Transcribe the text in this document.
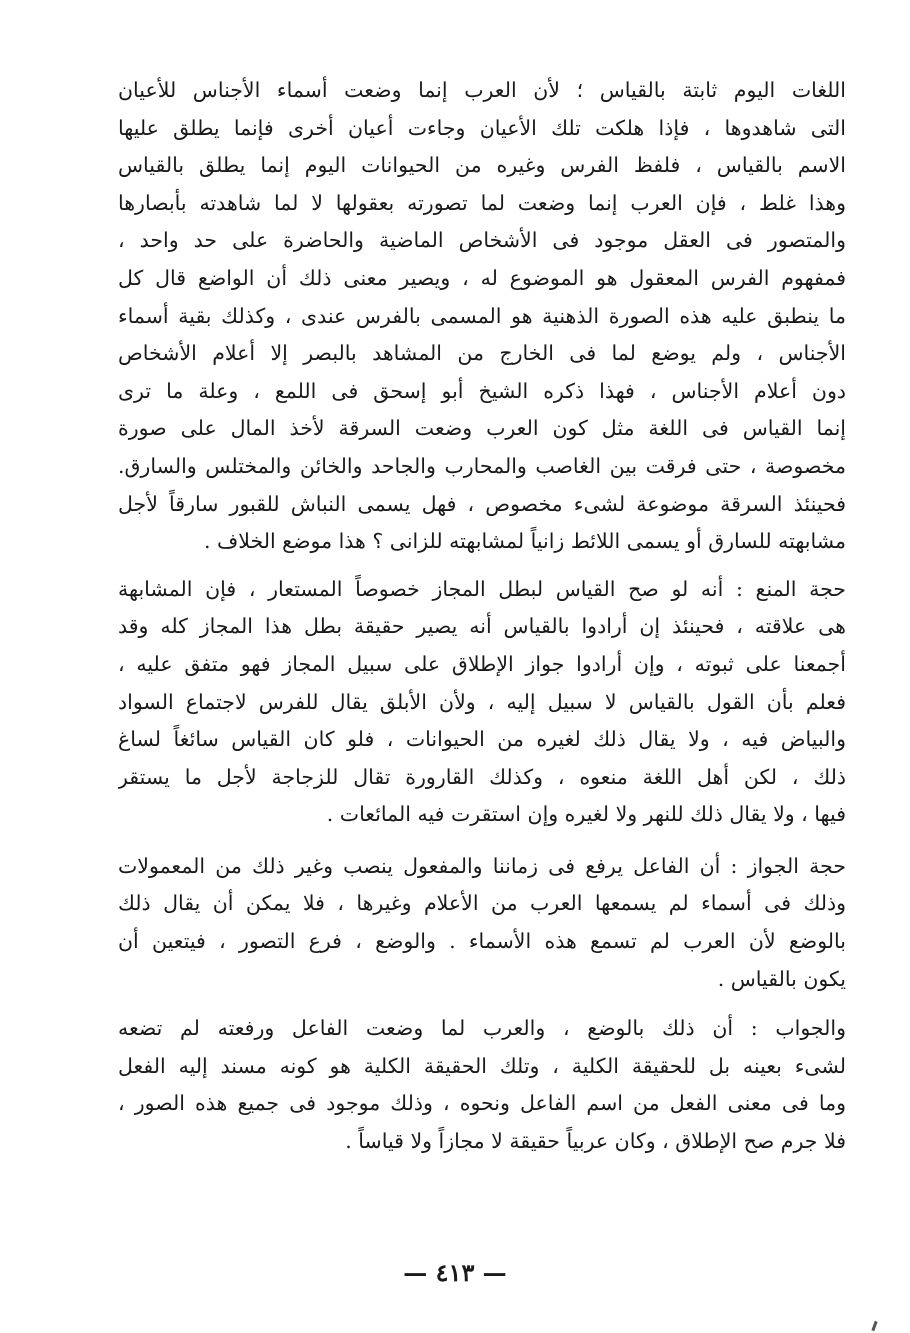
اللغات اليوم ثابتة بالقياس ؛ لأن العرب إنما وضعت أسماء الأجناس للأعيان
التى شاهدوها ، فإذا هلكت تلك الأعيان وجاءت أعيان أخرى فإنما يطلق عليها
الاسم بالقياس ، فلفظ الفرس وغيره من الحيوانات اليوم إنما يطلق بالقياس
وهذا غلط ، فإن العرب إنما وضعت لما تصورته بعقولها لا لما شاهدته بأبصارها
والمتصور فى العقل موجود فى الأشخاص الماضية والحاضرة على حد واحد ،
فمفهوم الفرس المعقول هو الموضوع له ، ويصير معنى ذلك أن الواضع قال كل
ما ينطبق عليه هذه الصورة الذهنية هو المسمى بالفرس عندى ، وكذلك بقية أسماء
الأجناس ، ولم يوضع لما فى الخارج من المشاهد بالبصر إلا أعلام الأشخاص
دون أعلام الأجناس ، فهذا ذكره الشيخ أبو إسحق فى اللمع ، وعلة ما ترى
إنما القياس فى اللغة مثل كون العرب وضعت السرقة لأخذ المال على صورة
مخصوصة ، حتى فرقت بين الغاصب والمحارب والجاحد والخائن والمختلس والسارق.
فحينئذ السرقة موضوعة لشىء مخصوص ، فهل يسمى النباش للقبور سارقاً لأجل
مشابهته للسارق أو يسمى اللائط زانياً لمشابهته للزانى ؟ هذا موضع الخلاف .
حجة المنع : أنه لو صح القياس لبطل المجاز خصوصاً المستعار ، فإن المشابهة
هى علاقته ، فحينئذ إن أرادوا بالقياس أنه يصير حقيقة بطل هذا المجاز كله وقد
أجمعنا على ثبوته ، وإن أرادوا جواز الإطلاق على سبيل المجاز فهو متفق عليه ،
فعلم بأن القول بالقياس لا سبيل إليه ، ولأن الأبلق يقال للفرس لاجتماع السواد
والبياض فيه ، ولا يقال ذلك لغيره من الحيوانات ، فلو كان القياس سائغاً لساغ
ذلك ، لكن أهل اللغة منعوه ، وكذلك القارورة تقال للزجاجة لأجل ما يستقر
فيها ، ولا يقال ذلك للنهر ولا لغيره وإن استقرت فيه المائعات .
حجة الجواز : أن الفاعل يرفع فى زماننا والمفعول ينصب وغير ذلك من المعمولات
وذلك فى أسماء لم يسمعها العرب من الأعلام وغيرها ، فلا يمكن أن يقال ذلك
بالوضع لأن العرب لم تسمع هذه الأسماء . والوضع ، فرع التصور ، فيتعين أن
يكون بالقياس .
والجواب : أن ذلك بالوضع ، والعرب لما وضعت الفاعل ورفعته لم تضعه
لشىء بعينه بل للحقيقة الكلية ، وتلك الحقيقة الكلية هو كونه مسند إليه الفعل
وما فى معنى الفعل من اسم الفاعل ونحوه ، وذلك موجود فى جميع هذه الصور ،
فلا جرم صح الإطلاق ، وكان عربياً حقيقة لا مجازاً ولا قياساً .
— ٤١٣ —
